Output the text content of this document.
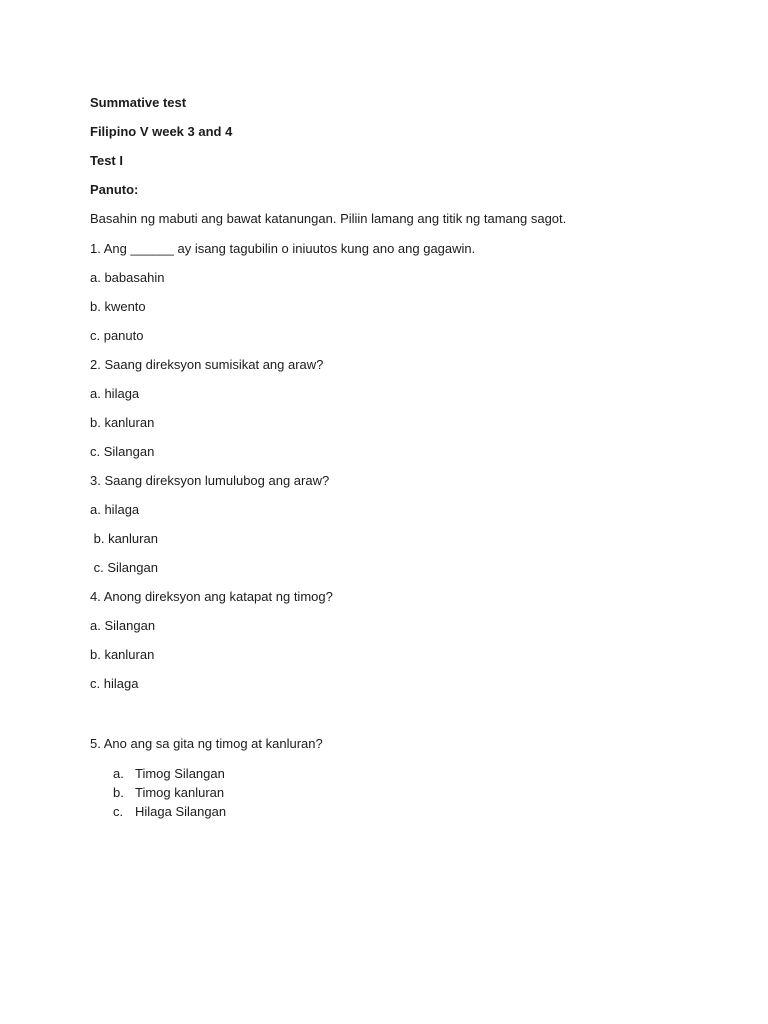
Summative test
Filipino V week 3 and 4
Test I
Panuto:
Basahin ng mabuti ang bawat katanungan. Piliin lamang ang titik ng tamang sagot.
1. Ang ______ ay isang tagubilin o iniuutos kung ano ang gagawin.
a. babasahin
b. kwento
c. panuto
2. Saang direksyon sumisikat ang araw?
a. hilaga
b. kanluran
c. Silangan
3. Saang direksyon lumulubog ang araw?
a. hilaga
b. kanluran
c. Silangan
4. Anong direksyon ang katapat ng timog?
a. Silangan
b. kanluran
c. hilaga
5. Ano ang sa gita ng timog at kanluran?
a. Timog Silangan
b. Timog kanluran
c. Hilaga Silangan
